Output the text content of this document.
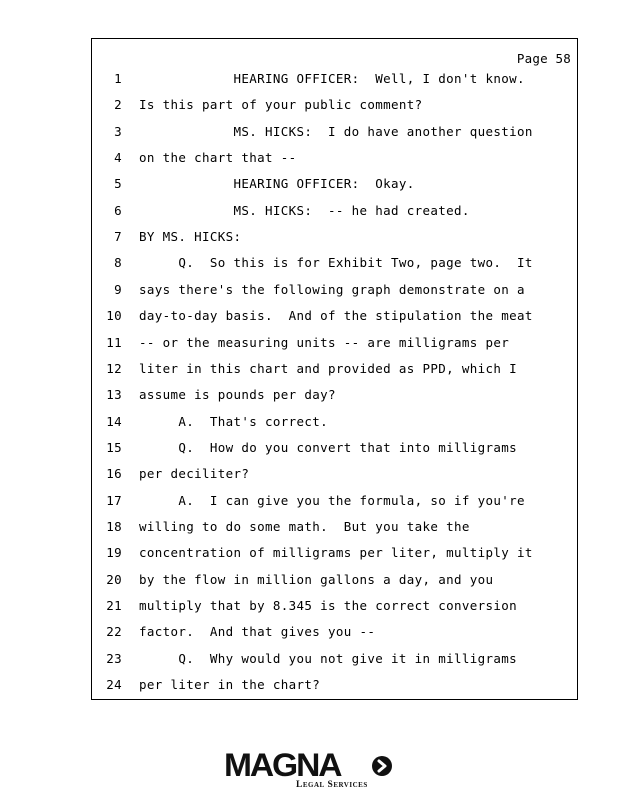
Page 58
1 HEARING OFFICER:  Well, I don't know.
2 Is this part of your public comment?
3 MS. HICKS:  I do have another question
4 on the chart that --
5 HEARING OFFICER:  Okay.
6 MS. HICKS:  -- he had created.
7 BY MS. HICKS:
8 Q.  So this is for Exhibit Two, page two.  It
9 says there's the following graph demonstrate on a
10 day-to-day basis.  And of the stipulation the meat
11 -- or the measuring units -- are milligrams per
12 liter in this chart and provided as PPD, which I
13 assume is pounds per day?
14 A.  That's correct.
15 Q.  How do you convert that into milligrams
16 per deciliter?
17 A.  I can give you the formula, so if you're
18 willing to do some math.  But you take the
19 concentration of milligrams per liter, multiply it
20 by the flow in million gallons a day, and you
21 multiply that by 8.345 is the correct conversion
22 factor.  And that gives you --
23 Q.  Why would you not give it in milligrams
24 per liter in the chart?
MAGNA
Legal Services
